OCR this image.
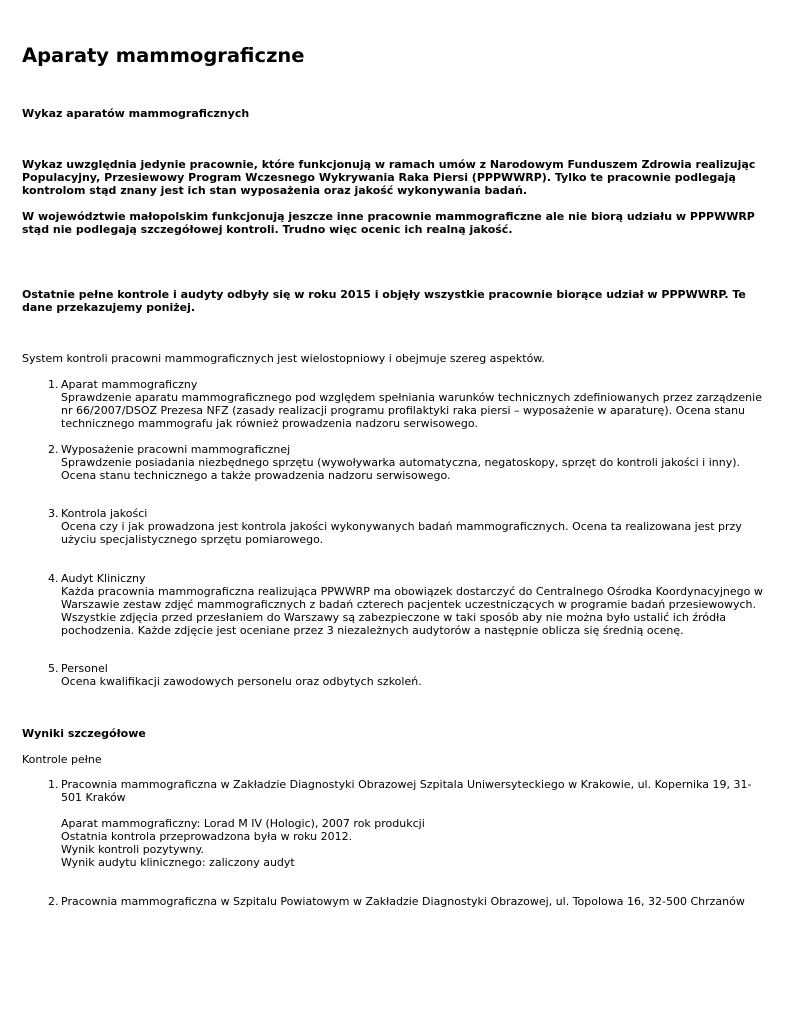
Aparaty mammograficzne

Wykaz aparatów mammograficznych

Wykaz uwzględnia jedynie pracownie, które funkcjonują w ramach umów z Narodowym Funduszem Zdrowia realizując Populacyjny, Przesiewowy Program Wczesnego Wykrywania Raka Piersi (PPPWWRP). Tylko te pracownie podlegają kontrolom stąd znany jest ich stan wyposażenia oraz jakość wykonywania badań.

W województwie małopolskim funkcjonują jeszcze inne pracownie mammograficzne ale nie biorą udziału w PPPWWRP stąd nie podlegają szczegółowej kontroli. Trudno więc ocenic ich realną jakość.

Ostatnie pełne kontrole i audyty odbyły się w roku 2015 i objęły wszystkie pracownie biorące udział w PPPWWRP. Te dane przekazujemy poniżej.

System kontroli pracowni mammograficznych jest wielostopniowy i obejmuje szereg aspektów.

1. Aparat mammograficzny
Sprawdzenie aparatu mammograficznego pod względem spełniania warunków technicznych zdefiniowanych przez zarządzenie nr 66/2007/DSOZ Prezesa NFZ (zasady realizacji programu profilaktyki raka piersi – wyposażenie w aparaturę). Ocena stanu technicznego mammografu jak również prowadzenia nadzoru serwisowego.
2. Wyposażenie pracowni mammograficznej
Sprawdzenie posiadania niezbędnego sprzętu (wywoływarka automatyczna, negatoskopy, sprzęt do kontroli jakości i inny). Ocena stanu technicznego a także prowadzenia nadzoru serwisowego.
3. Kontrola jakości
Ocena czy i jak prowadzona jest kontrola jakości wykonywanych badań mammograficznych. Ocena ta realizowana jest przy użyciu specjalistycznego sprzętu pomiarowego.
4. Audyt Kliniczny
Każda pracownia mammograficzna realizująca PPWWRP ma obowiązek dostarczyć do Centralnego Ośrodka Koordynacyjnego w Warszawie zestaw zdjęć mammograficznych z badań czterech pacjentek uczestniczących w programie badań przesiewowych. Wszystkie zdjęcia przed przesłaniem do Warszawy są zabezpieczone w taki sposób aby nie można było ustalić ich źródła pochodzenia. Każde zdjęcie jest oceniane przez 3 niezależnych audytorów a następnie oblicza się średnią ocenę.
5. Personel
Ocena kwalifikacji zawodowych personelu oraz odbytych szkoleń.

Wyniki szczegółowe

Kontrole pełne

1. Pracownia mammograficzna w Zakładzie Diagnostyki Obrazowej Szpitala Uniwersyteckiego w Krakowie, ul. Kopernika 19, 31-501 Kraków
Aparat mammograficzny: Lorad M IV (Hologic), 2007 rok produkcji
Ostatnia kontrola przeprowadzona była w roku 2012.
Wynik kontroli pozytywny.
Wynik audytu klinicznego: zaliczony audyt
2. Pracownia mammograficzna w Szpitalu Powiatowym w Zakładzie Diagnostyki Obrazowej, ul. Topolowa 16, 32-500 Chrzanów
